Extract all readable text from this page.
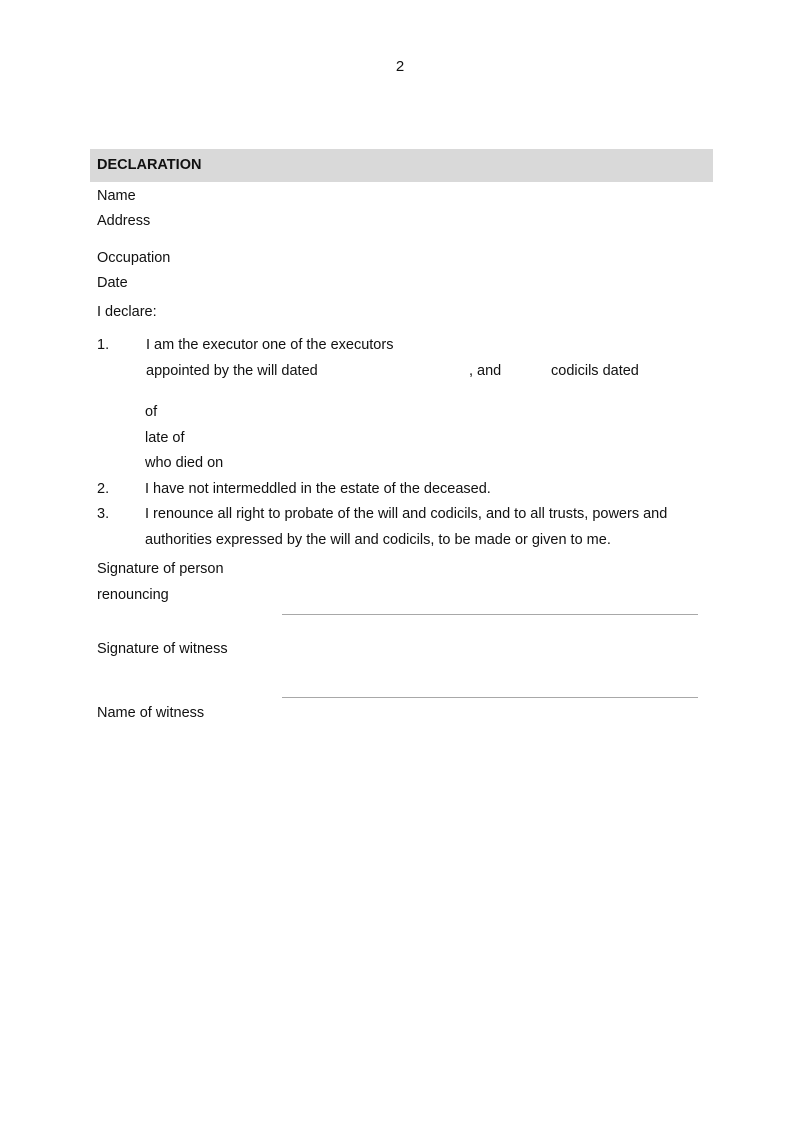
2
DECLARATION
Name
Address
Occupation
Date
I declare:
1.	I am the executor one of the executors
appointed by the will dated	, and	codicils dated
of
late of
who died on
2. I have not intermeddled in the estate of the deceased.
3. I renounce all right to probate of the will and codicils, and to all trusts, powers and
authorities expressed by the will and codicils, to be made or given to me.
Signature of person
renouncing
Signature of witness
Name of witness
